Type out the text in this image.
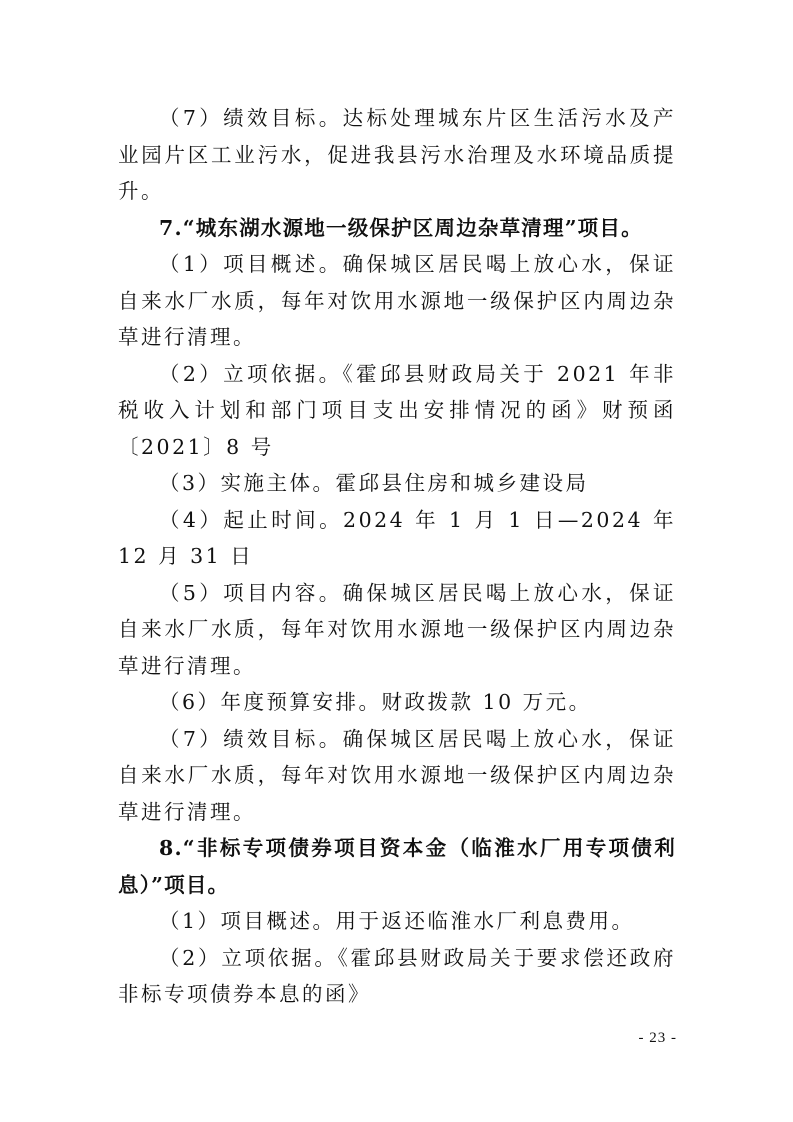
（7）绩效目标。达标处理城东片区生活污水及产业园片区工业污水，促进我县污水治理及水环境品质提升。

7.“城东湖水源地一级保护区周边杂草清理”项目。

（1）项目概述。确保城区居民喝上放心水，保证自来水厂水质，每年对饮用水源地一级保护区内周边杂草进行清理。

（2）立项依据。《霍邱县财政局关于 2021 年非税收入计划和部门项目支出安排情况的函》财预函〔2021〕8 号

（3）实施主体。霍邱县住房和城乡建设局

（4）起止时间。2024 年 1 月 1 日—2024 年 12 月 31 日

（5）项目内容。确保城区居民喝上放心水，保证自来水厂水质，每年对饮用水源地一级保护区内周边杂草进行清理。

（6）年度预算安排。财政拨款 10 万元。

（7）绩效目标。确保城区居民喝上放心水，保证自来水厂水质，每年对饮用水源地一级保护区内周边杂草进行清理。

8.“非标专项债券项目资本金（临淮水厂用专项债利息）”项目。

（1）项目概述。用于返还临淮水厂利息费用。

（2）立项依据。《霍邱县财政局关于要求偿还政府非标专项债券本息的函》

- 23 -
